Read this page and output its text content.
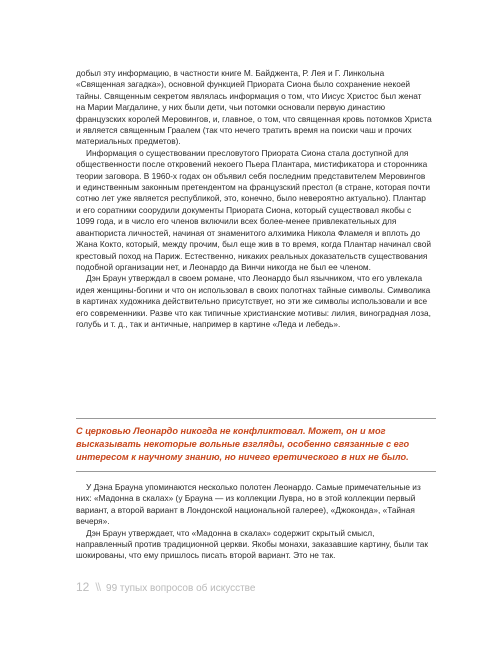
добыл эту информацию, в частности книге М. Байджента, Р. Лея и Г. Линкольна «Священная загадка»), основной функцией Приората Сиона было сохранение некоей тайны. Священным секретом являлась информация о том, что Иисус Христос был женат на Марии Магдалине, у них были дети, чьи потомки основали первую династию французских королей Меровингов, и, главное, о том, что священная кровь потомков Христа и является священным Граалем (так что нечего тратить время на поиски чаш и прочих материальных предметов).

Информация о существовании пресловутого Приората Сиона стала доступной для общественности после откровений некоего Пьера Плантара, мистификатора и сторонника теории заговора. В 1960-х годах он объявил себя последним представителем Меровингов и единственным законным претендентом на французский престол (в стране, которая почти сотню лет уже является республикой, это, конечно, было невероятно актуально). Плантар и его соратники соорудили документы Приората Сиона, который существовал якобы с 1099 года, и в число его членов включили всех более-менее привлекательных для авантюриста личностей, начиная от знаменитого алхимика Никола Фламеля и вплоть до Жана Кокто, который, между прочим, был еще жив в то время, когда Плантар начинал свой крестовый поход на Париж. Естественно, никаких реальных доказательств существования подобной организации нет, и Леонардо да Винчи никогда не был ее членом.

Дэн Браун утверждал в своем романе, что Леонардо был язычником, что его увлекала идея женщины-богини и что он использовал в своих полотнах тайные символы. Символика в картинах художника действительно присутствует, но эти же символы использовали и все его современники. Разве что как типичные христианские мотивы: лилия, виноградная лоза, голубь и т. д., так и античные, например в картине «Леда и лебедь».

С церковью Леонардо никогда не конфликтовал. Может, он и мог высказывать некоторые вольные взгляды, особенно связанные с его интересом к научному знанию, но ничего еретического в них не было.

У Дэна Брауна упоминаются несколько полотен Леонардо. Самые примечательные из них: «Мадонна в скалах» (у Брауна — из коллекции Лувра, но в этой коллекции первый вариант, а второй вариант в Лондонской национальной галерее), «Джоконда», «Тайная вечеря».

Дэн Браун утверждает, что «Мадонна в скалах» содержит скрытый смысл, направленный против традиционной церкви. Якобы монахи, заказавшие картину, были так шокированы, что ему пришлось писать второй вариант. Это не так.

12 \\ 99 тупых вопросов об искусстве
